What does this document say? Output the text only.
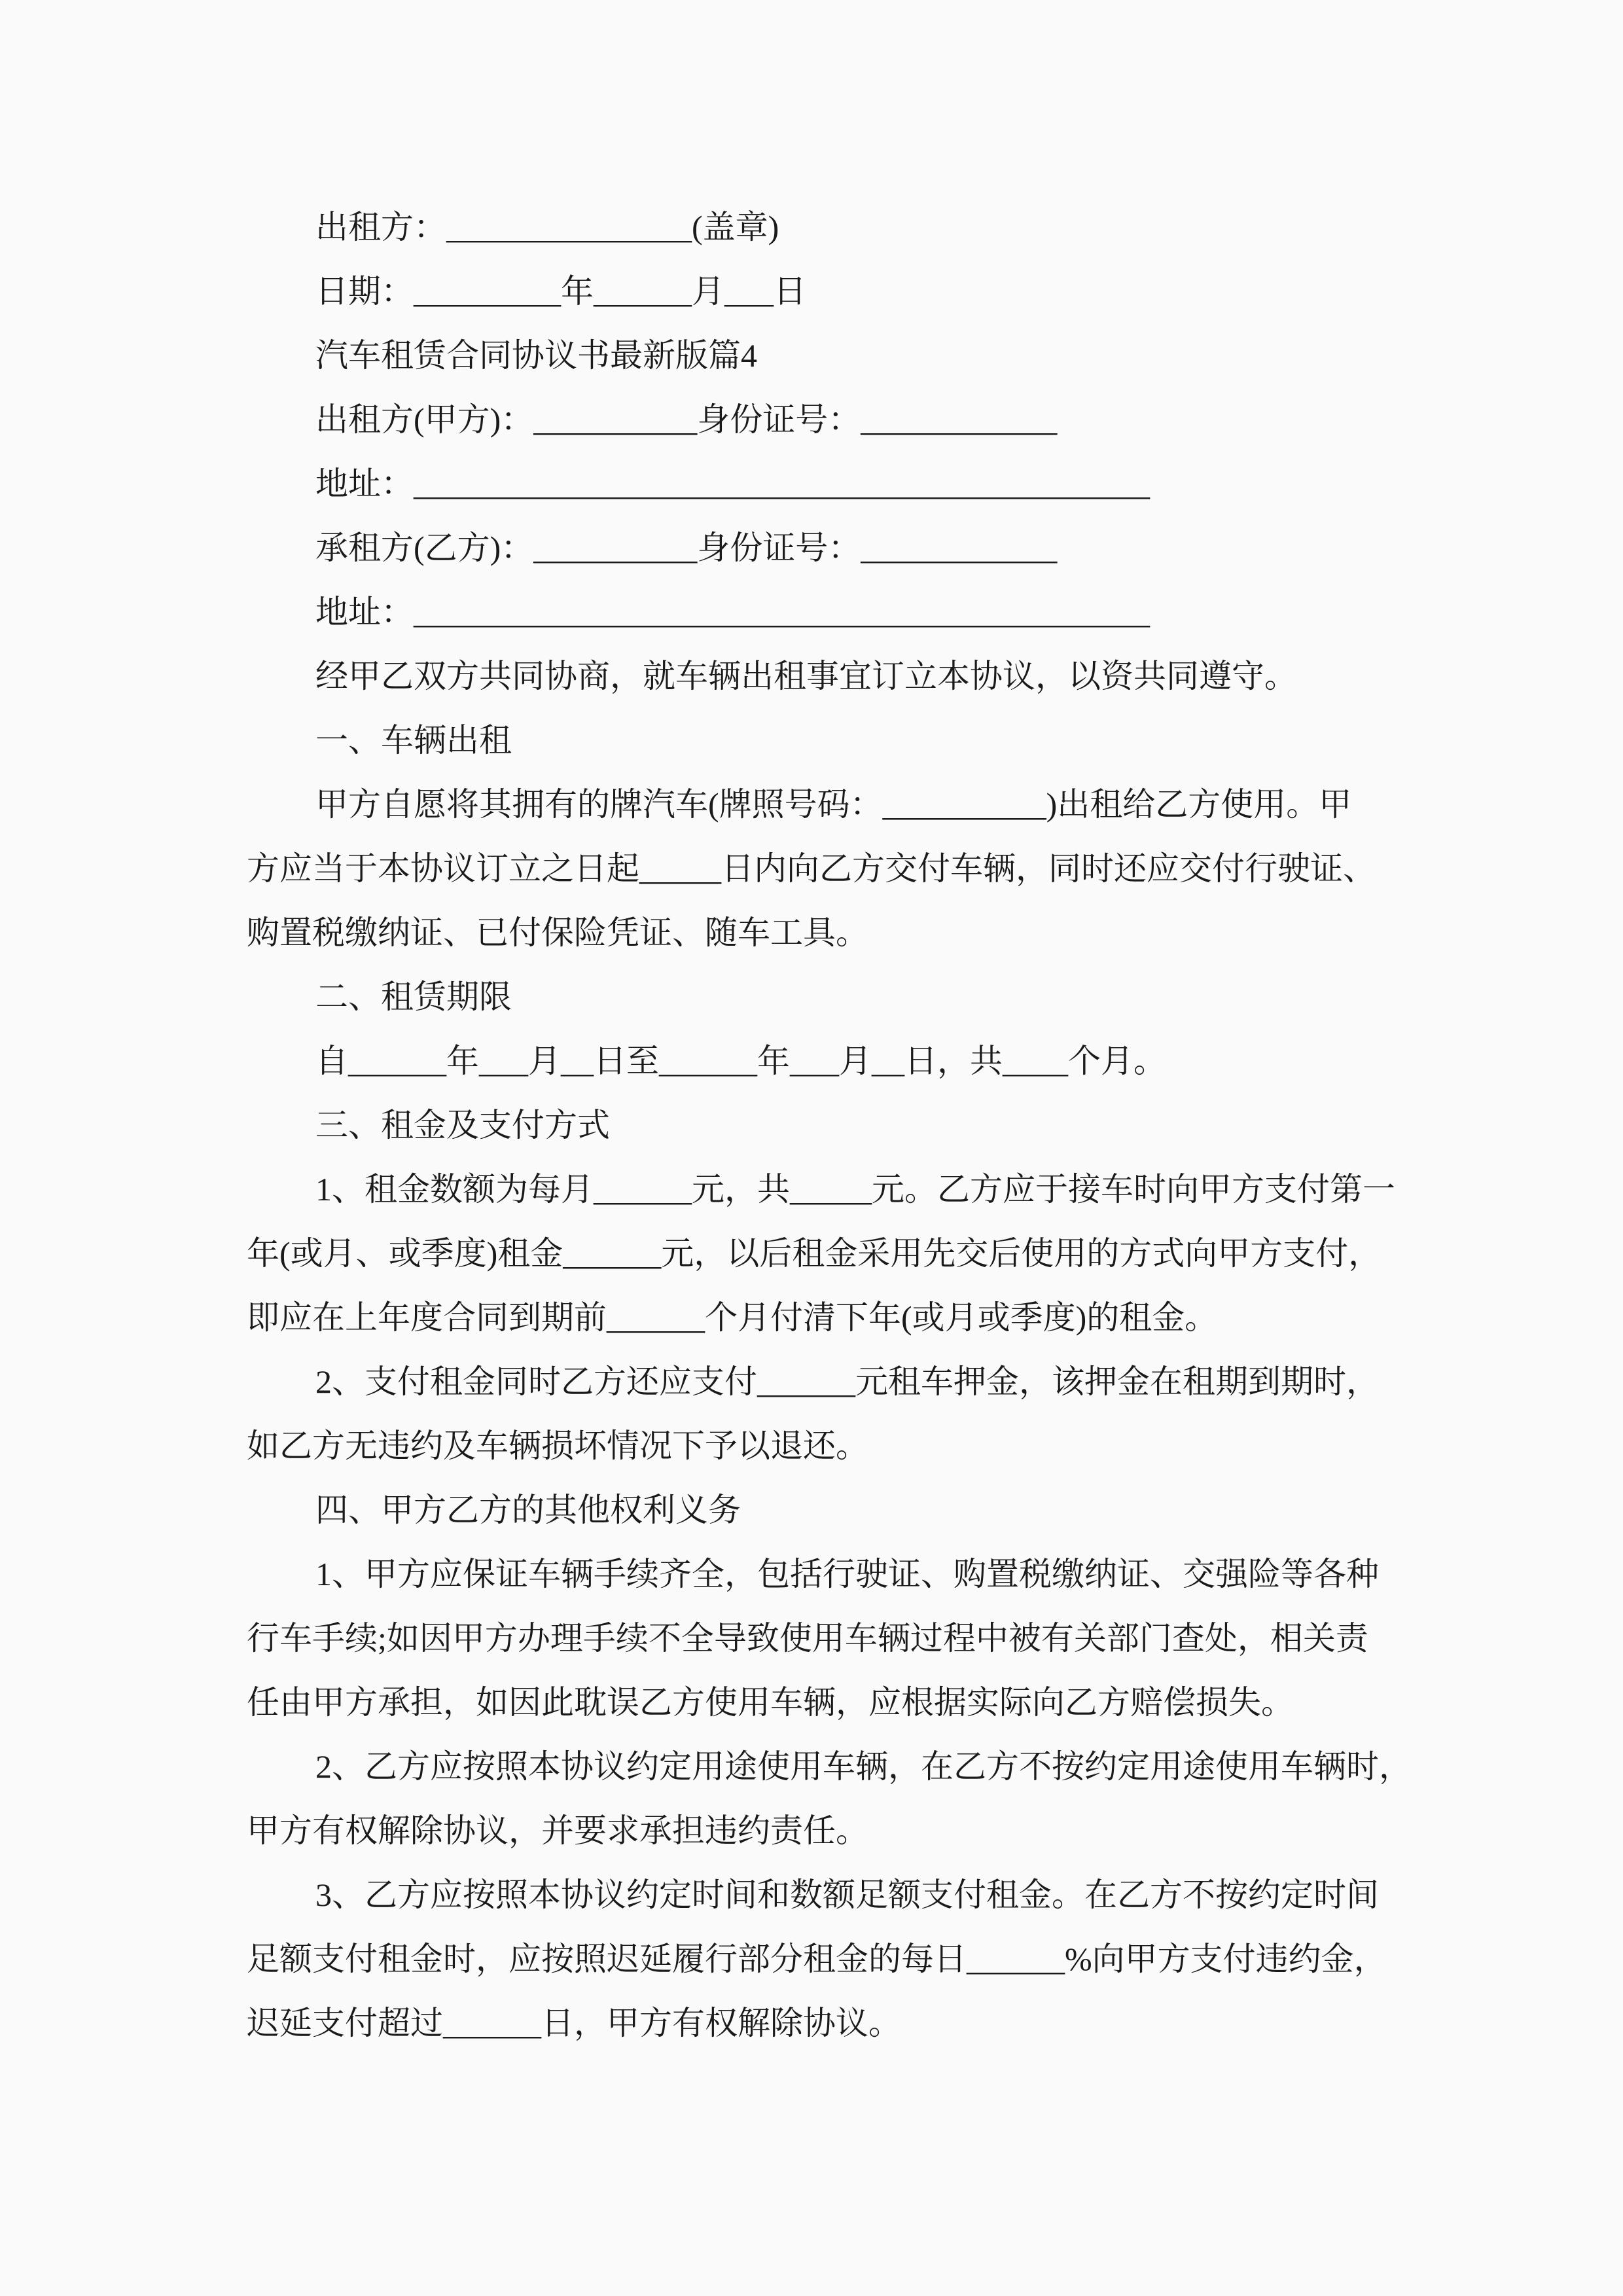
出租方：_______________(盖章)
日期：_________年______月___日
汽车租赁合同协议书最新版篇4
出租方(甲方)：__________身份证号：____________
地址：_____________________________________________
承租方(乙方)：__________身份证号：____________
地址：_____________________________________________
经甲乙双方共同协商，就车辆出租事宜订立本协议，以资共同遵守。
一、车辆出租
甲方自愿将其拥有的牌汽车(牌照号码：__________)出租给乙方使用。甲
方应当于本协议订立之日起_____日内向乙方交付车辆，同时还应交付行驶证、
购置税缴纳证、已付保险凭证、随车工具。
二、租赁期限
自______年___月__日至______年___月__日，共____个月。
三、租金及支付方式
1、租金数额为每月______元，共_____元。乙方应于接车时向甲方支付第一
年(或月、或季度)租金______元，以后租金采用先交后使用的方式向甲方支付，
即应在上年度合同到期前______个月付清下年(或月或季度)的租金。
2、支付租金同时乙方还应支付______元租车押金，该押金在租期到期时，
如乙方无违约及车辆损坏情况下予以退还。
四、甲方乙方的其他权利义务
1、甲方应保证车辆手续齐全，包括行驶证、购置税缴纳证、交强险等各种
行车手续;如因甲方办理手续不全导致使用车辆过程中被有关部门查处，相关责
任由甲方承担，如因此耽误乙方使用车辆，应根据实际向乙方赔偿损失。
2、乙方应按照本协议约定用途使用车辆，在乙方不按约定用途使用车辆时，
甲方有权解除协议，并要求承担违约责任。
3、乙方应按照本协议约定时间和数额足额支付租金。在乙方不按约定时间
足额支付租金时，应按照迟延履行部分租金的每日______%向甲方支付违约金，
迟延支付超过______日，甲方有权解除协议。
